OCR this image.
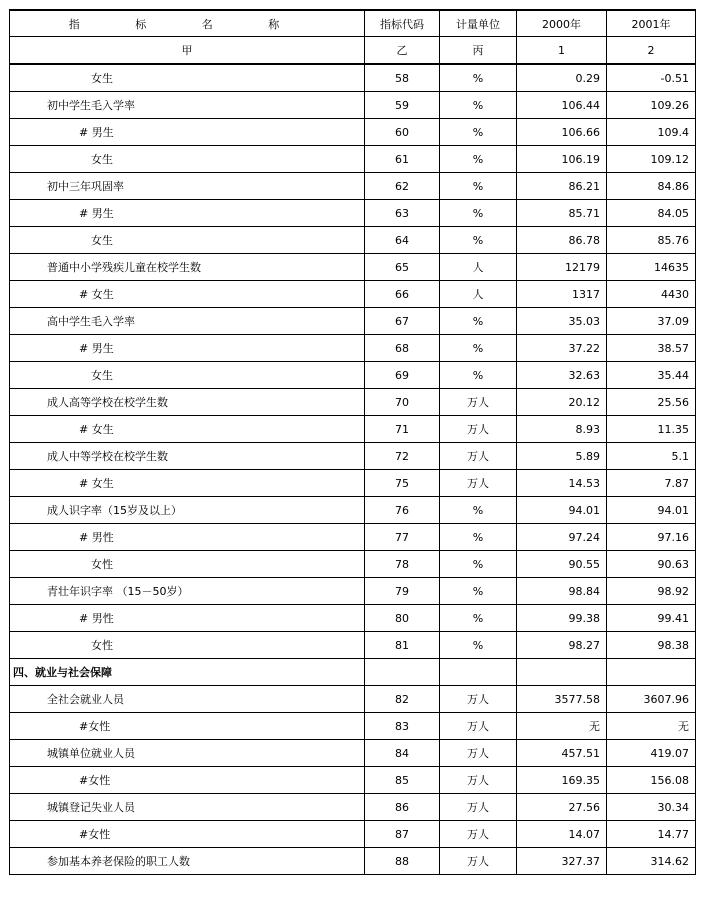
指 标 名 称	指标代码	计量单位	2000年	2001年
甲	乙	丙	1	2
女生	58	%	0.29	-0.51
初中学生毛入学率	59	%	106.44	109.26
# 男生	60	%	106.66	109.4
女生	61	%	106.19	109.12
初中三年巩固率	62	%	86.21	84.86
# 男生	63	%	85.71	84.05
女生	64	%	86.78	85.76
普通中小学残疾儿童在校学生数	65	人	12179	14635
# 女生	66	人	1317	4430
高中学生毛入学率	67	%	35.03	37.09
# 男生	68	%	37.22	38.57
女生	69	%	32.63	35.44
成人高等学校在校学生数	70	万人	20.12	25.56
# 女生	71	万人	8.93	11.35
成人中等学校在校学生数	72	万人	5.89	5.1
# 女生	75	万人	14.53	7.87
成人识字率（15岁及以上）	76	%	94.01	94.01
# 男性	77	%	97.24	97.16
女性	78	%	90.55	90.63
青壮年识字率 （15－50岁）	79	%	98.84	98.92
# 男性	80	%	99.38	99.41
女性	81	%	98.27	98.38
四、就业与社会保障				
全社会就业人员	82	万人	3577.58	3607.96
#女性	83	万人	无	无
城镇单位就业人员	84	万人	457.51	419.07
#女性	85	万人	169.35	156.08
城镇登记失业人员	86	万人	27.56	30.34
#女性	87	万人	14.07	14.77
参加基本养老保险的职工人数	88	万人	327.37	314.62
